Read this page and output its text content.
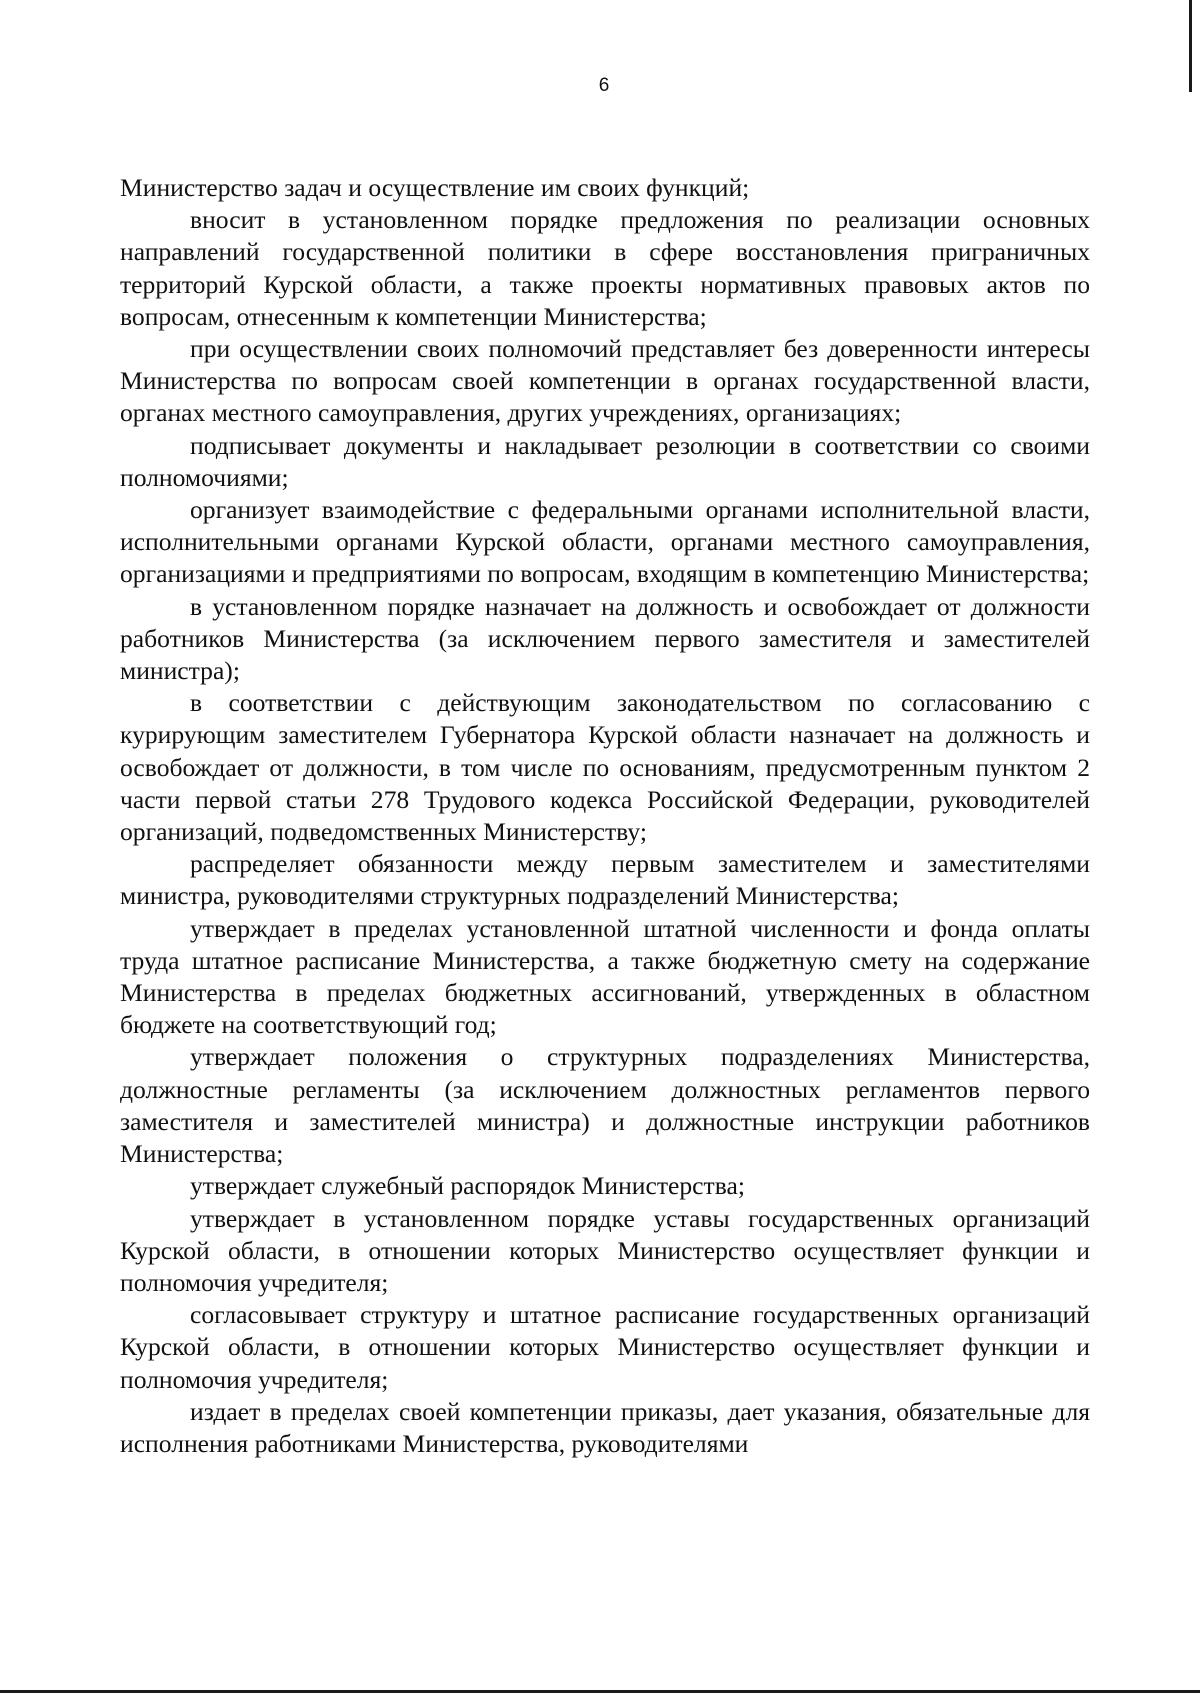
6

Министерство задач и осуществление им своих функций;

вносит в установленном порядке предложения по реализации основных направлений государственной политики в сфере восстановления приграничных территорий Курской области, а также проекты нормативных правовых актов по вопросам, отнесенным к компетенции Министерства;

при осуществлении своих полномочий представляет без доверенности интересы Министерства по вопросам своей компетенции в органах государственной власти, органах местного самоуправления, других учреждениях, организациях;

подписывает документы и накладывает резолюции в соответствии со своими полномочиями;

организует взаимодействие с федеральными органами исполнительной власти, исполнительными органами Курской области, органами местного самоуправления, организациями и предприятиями по вопросам, входящим в компетенцию Министерства;

в установленном порядке назначает на должность и освобождает от должности работников Министерства (за исключением первого заместителя и заместителей министра);

в соответствии с действующим законодательством по согласованию с курирующим заместителем Губернатора Курской области назначает на должность и освобождает от должности, в том числе по основаниям, предусмотренным пунктом 2 части первой статьи 278 Трудового кодекса Российской Федерации, руководителей организаций, подведомственных Министерству;

распределяет обязанности между первым заместителем и заместителями министра, руководителями структурных подразделений Министерства;

утверждает в пределах установленной штатной численности и фонда оплаты труда штатное расписание Министерства, а также бюджетную смету на содержание Министерства в пределах бюджетных ассигнований, утвержденных в областном бюджете на соответствующий год;

утверждает положения о структурных подразделениях Министерства, должностные регламенты (за исключением должностных регламентов первого заместителя и заместителей министра) и должностные инструкции работников Министерства;

утверждает служебный распорядок Министерства;

утверждает в установленном порядке уставы государственных организаций Курской области, в отношении которых Министерство осуществляет функции и полномочия учредителя;

согласовывает структуру и штатное расписание государственных организаций Курской области, в отношении которых Министерство осуществляет функции и полномочия учредителя;

издает в пределах своей компетенции приказы, дает указания, обязательные для исполнения работниками Министерства, руководителями
